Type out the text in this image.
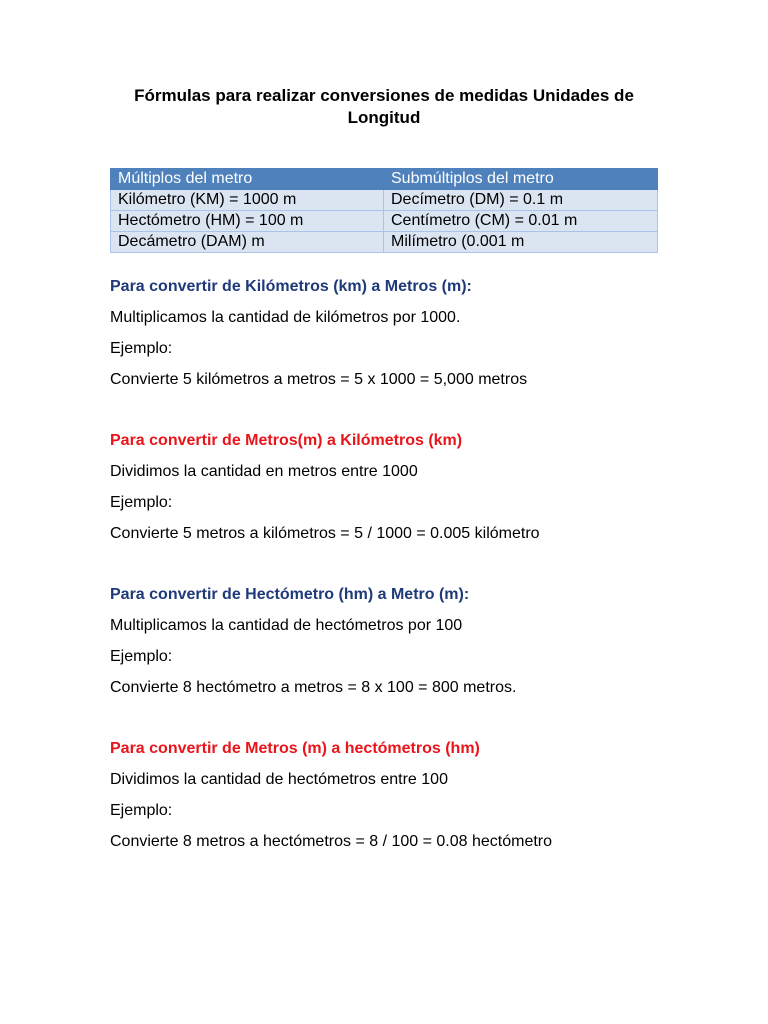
Fórmulas para realizar conversiones de medidas Unidades de
Longitud
Múltiplos del metro	Submúltiplos del metro
Kilómetro (KM) = 1000 m	Decímetro (DM) = 0.1 m
Hectómetro (HM) = 100 m	Centímetro (CM) = 0.01 m
Decámetro (DAM) m	Milímetro (0.001 m
Para convertir de Kilómetros (km) a Metros (m):
Multiplicamos la cantidad de kilómetros por 1000.
Ejemplo:
Convierte 5 kilómetros a metros = 5 x 1000 = 5,000 metros
Para convertir de Metros(m) a Kilómetros (km)
Dividimos la cantidad en metros entre 1000
Ejemplo:
Convierte 5 metros a kilómetros = 5 / 1000 = 0.005 kilómetro
Para convertir de Hectómetro (hm) a Metro (m):
Multiplicamos la cantidad de hectómetros por 100
Ejemplo:
Convierte 8 hectómetro a metros = 8 x 100 = 800 metros.
Para convertir de Metros (m) a hectómetros (hm)
Dividimos la cantidad de hectómetros entre 100
Ejemplo:
Convierte 8 metros a hectómetros = 8 / 100 = 0.08 hectómetro
